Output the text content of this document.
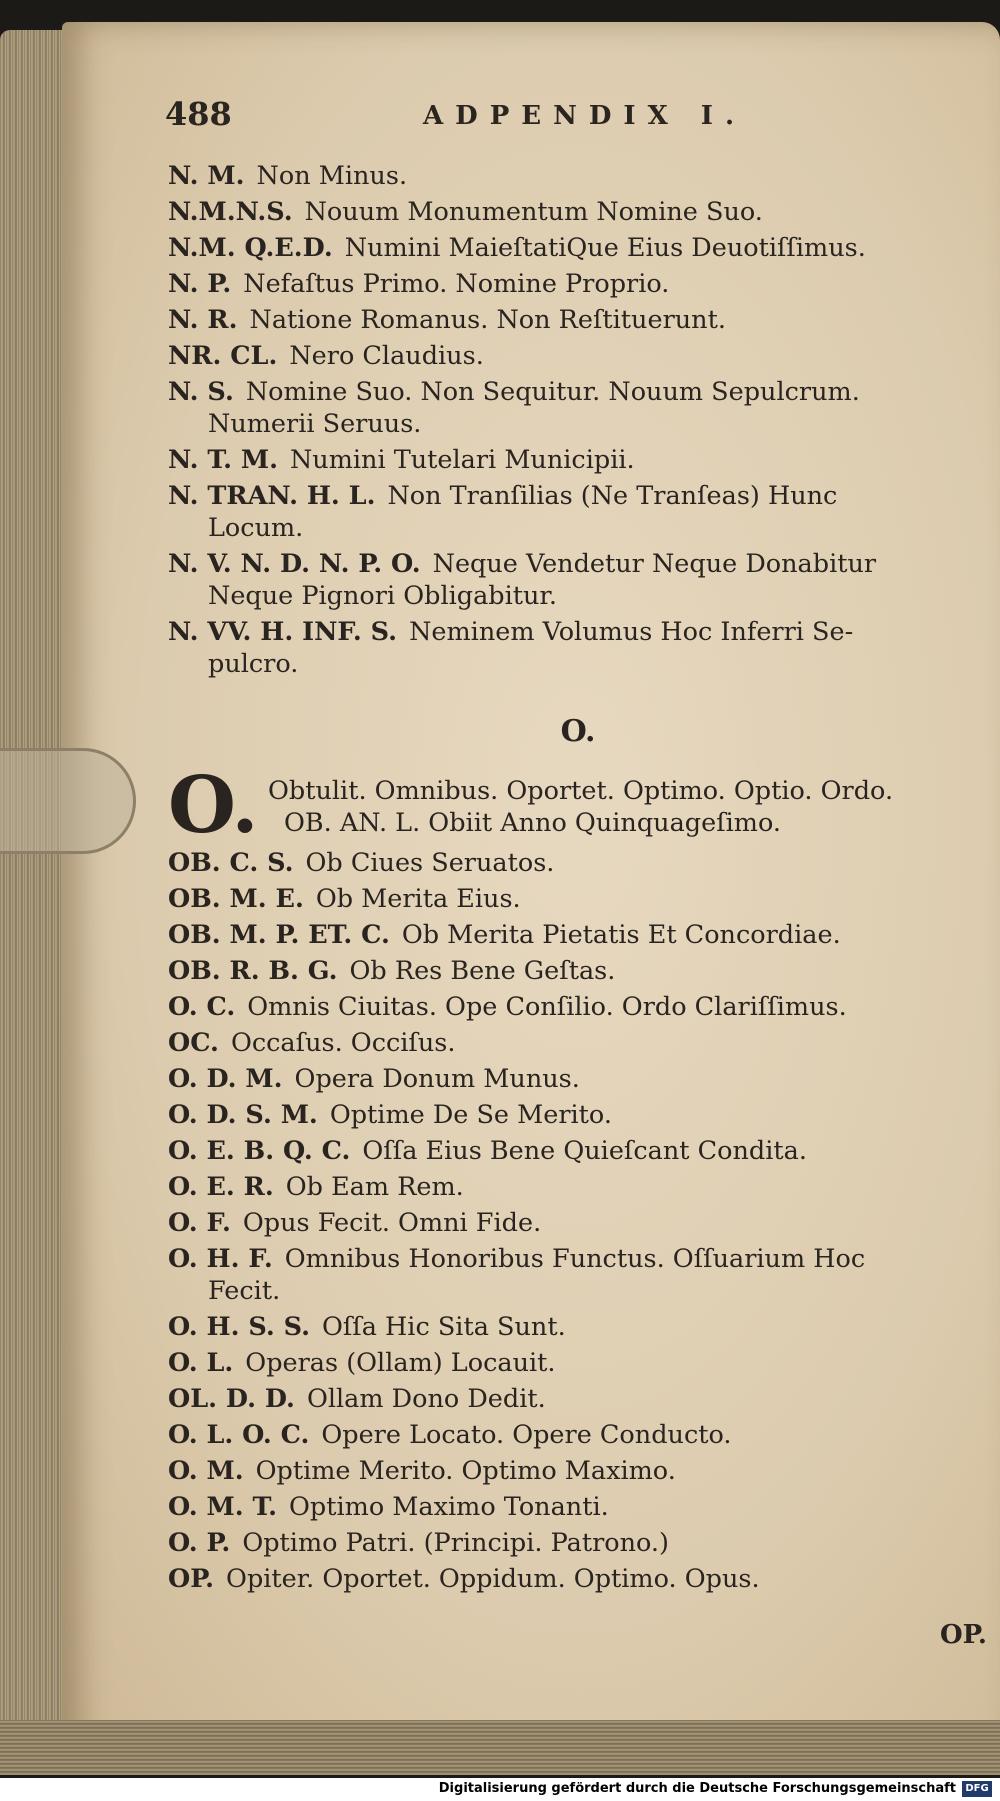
488	ADPENDIX I.
N. M. Non Minus.
N.M.N.S. Nouum Monumentum Nomine Suo.
N.M. Q.E.D. Numini MaieſtatiQue Eius Deuotiſſimus.
N. P. Nefaſtus Primo. Nomine Proprio.
N. R. Natione Romanus. Non Reſtituerunt.
NR. CL. Nero Claudius.
N. S. Nomine Suo. Non Sequitur. Nouum Sepulcrum.
Numerii Seruus.
N. T. M. Numini Tutelari Municipii.
N. TRAN. H. L. Non Tranſilias (Ne Tranſeas) Hunc
Locum.
N. V. N. D. N. P. O. Neque Vendetur Neque Donabitur
Neque Pignori Obligabitur.
N. VV. H. INF. S. Neminem Volumus Hoc Inferri Se-
pulcro.
O.
O. Obtulit. Omnibus. Oportet. Optimo. Optio. Ordo.
OB. AN. L. Obiit Anno Quinquageſimo.
OB. C. S. Ob Ciues Seruatos.
OB. M. E. Ob Merita Eius.
OB. M. P. ET. C. Ob Merita Pietatis Et Concordiae.
OB. R. B. G. Ob Res Bene Geſtas.
O. C. Omnis Ciuitas. Ope Conſilio. Ordo Clariſſimus.
OC. Occaſus. Occiſus.
O. D. M. Opera Donum Munus.
O. D. S. M. Optime De Se Merito.
O. E. B. Q. C. Oſſa Eius Bene Quieſcant Condita.
O. E. R. Ob Eam Rem.
O. F. Opus Fecit. Omni Fide.
O. H. F. Omnibus Honoribus Functus. Oſſuarium Hoc
Fecit.
O. H. S. S. Oſſa Hic Sita Sunt.
O. L. Operas (Ollam) Locauit.
OL. D. D. Ollam Dono Dedit.
O. L. O. C. Opere Locato. Opere Conducto.
O. M. Optime Merito. Optimo Maximo.
O. M. T. Optimo Maximo Tonanti.
O. P. Optimo Patri. (Principi. Patrono.)
OP. Opiter. Oportet. Oppidum. Optimo. Opus.
OP.
Digitalisierung gefördert durch die Deutsche Forschungsgemeinschaft DFG
